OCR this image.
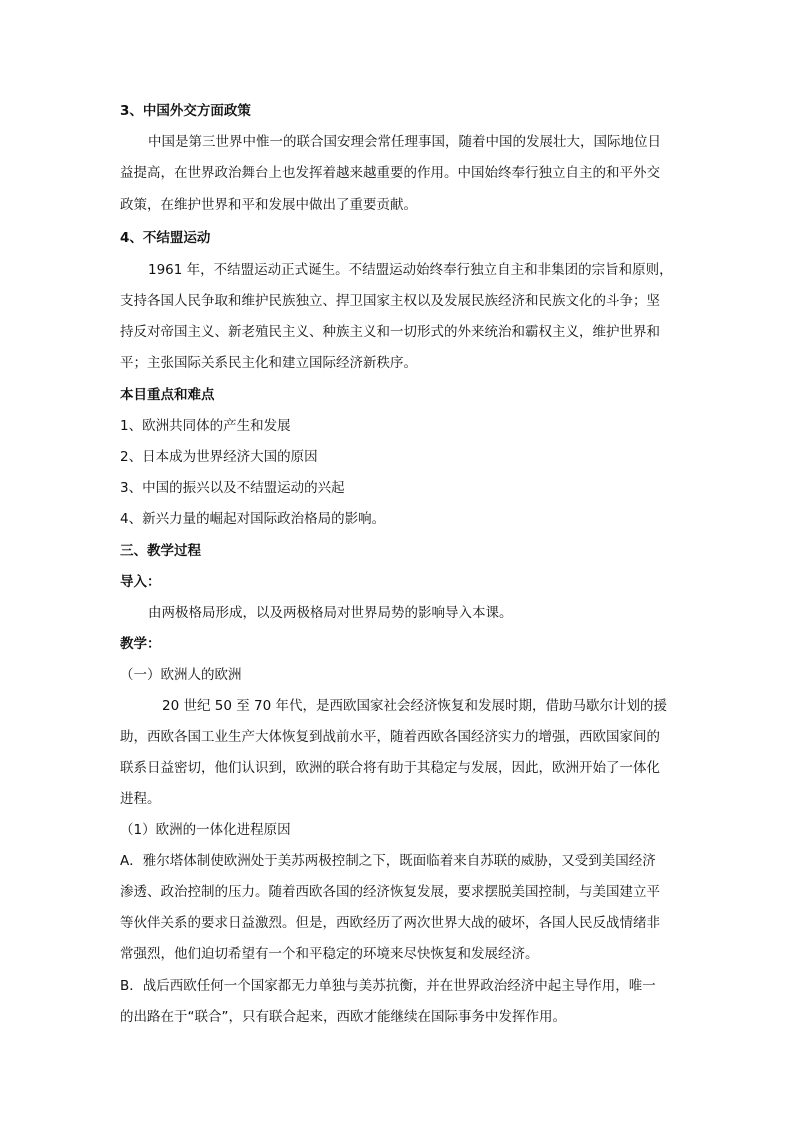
3、中国外交方面政策
中国是第三世界中惟一的联合国安理会常任理事国，随着中国的发展壮大，国际地位日
益提高，在世界政治舞台上也发挥着越来越重要的作用。中国始终奉行独立自主的和平外交
政策，在维护世界和平和发展中做出了重要贡献。
4、不结盟运动
1961 年，不结盟运动正式诞生。不结盟运动始终奉行独立自主和非集团的宗旨和原则，
支持各国人民争取和维护民族独立、捍卫国家主权以及发展民族经济和民族文化的斗争；坚
持反对帝国主义、新老殖民主义、种族主义和一切形式的外来统治和霸权主义，维护世界和
平；主张国际关系民主化和建立国际经济新秩序。
本目重点和难点
1、欧洲共同体的产生和发展
2、日本成为世界经济大国的原因
3、中国的振兴以及不结盟运动的兴起
4、新兴力量的崛起对国际政治格局的影响。
三、教学过程
导入：
由两极格局形成，以及两极格局对世界局势的影响导入本课。
教学：
（一）欧洲人的欧洲
20 世纪 50 至 70 年代，是西欧国家社会经济恢复和发展时期，借助马歇尔计划的援
助，西欧各国工业生产大体恢复到战前水平，随着西欧各国经济实力的增强，西欧国家间的
联系日益密切，他们认识到，欧洲的联合将有助于其稳定与发展，因此，欧洲开始了一体化
进程。
（1）欧洲的一体化进程原因
A．雅尔塔体制使欧洲处于美苏两极控制之下，既面临着来自苏联的威胁，又受到美国经济
渗透、政治控制的压力。随着西欧各国的经济恢复发展，要求摆脱美国控制，与美国建立平
等伙伴关系的要求日益激烈。但是，西欧经历了两次世界大战的破坏，各国人民反战情绪非
常强烈，他们迫切希望有一个和平稳定的环境来尽快恢复和发展经济。
B．战后西欧任何一个国家都无力单独与美苏抗衡，并在世界政治经济中起主导作用，唯一
的出路在于“联合”，只有联合起来，西欧才能继续在国际事务中发挥作用。
